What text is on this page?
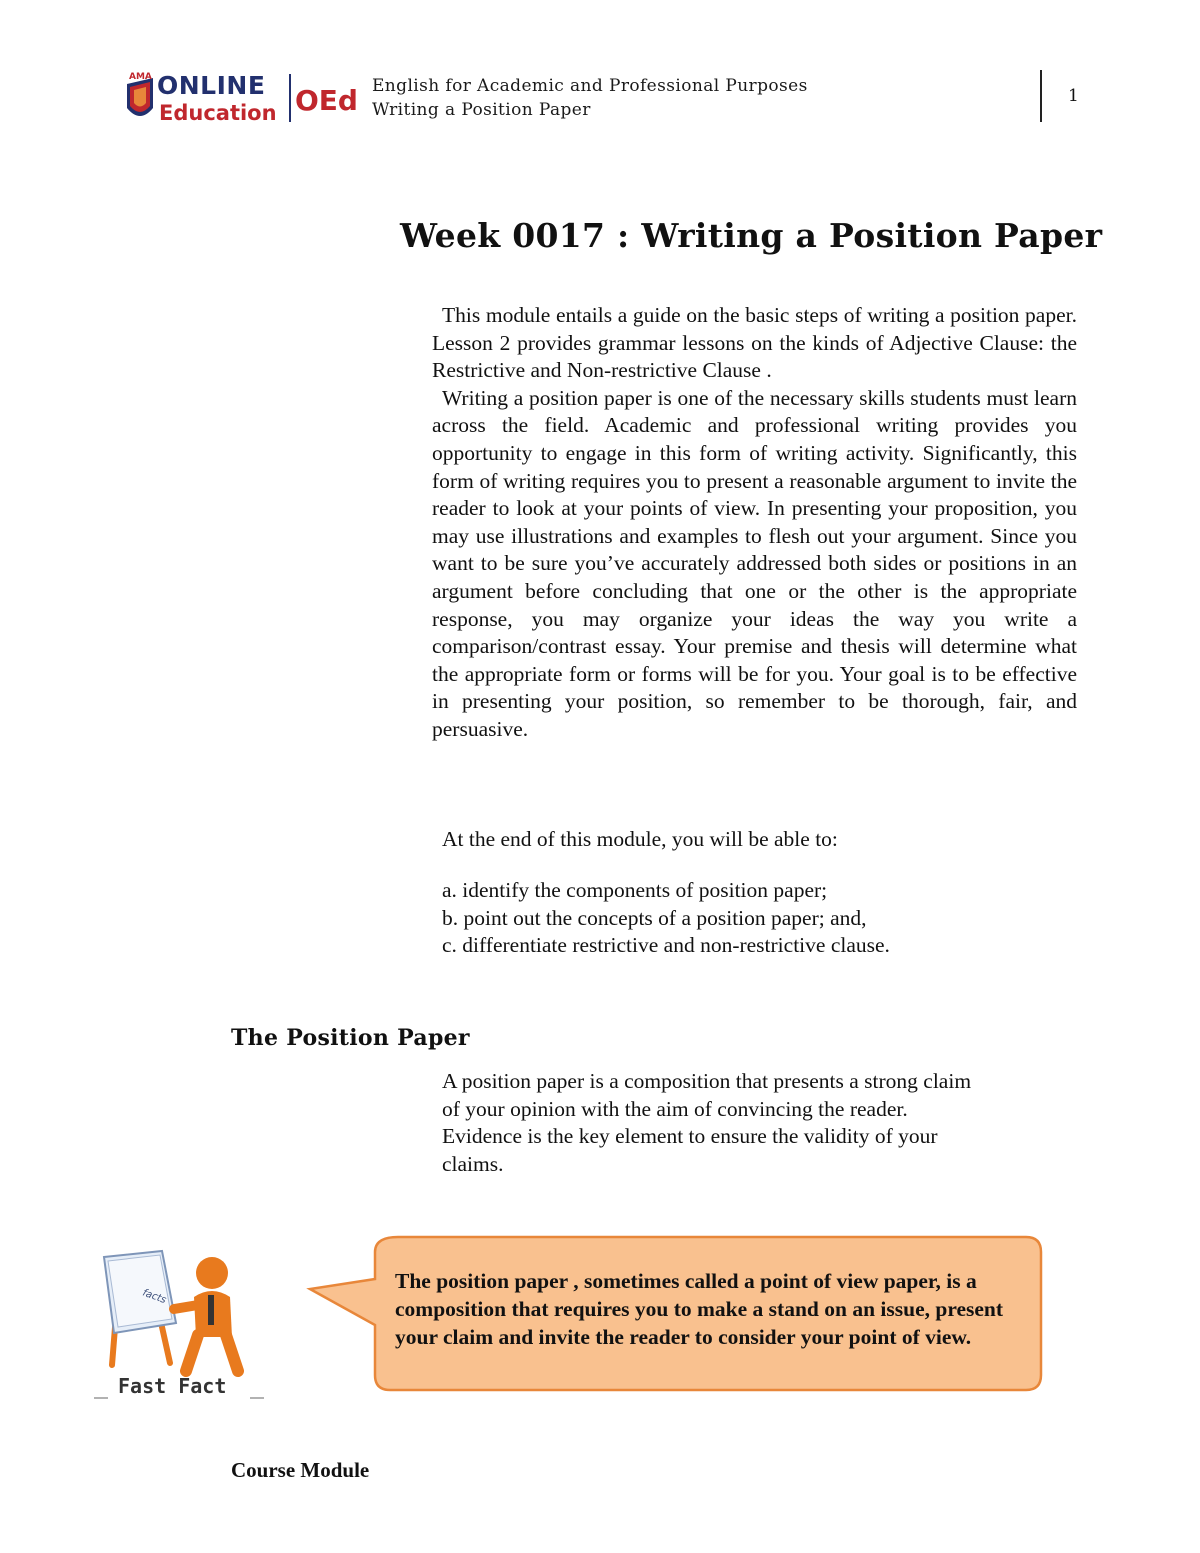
AMA ONLINE
Education OEd English for Academic and Professional Purposes
Writing a Position Paper
1
Week 0017 : Writing a Position Paper

This module entails a guide on the basic steps of writing a position paper. Lesson 2 provides grammar lessons on the kinds of Adjective Clause: the Restrictive and Non-restrictive Clause .

Writing a position paper is one of the necessary skills students must learn across the field. Academic and professional writing provides you opportunity to engage in this form of writing activity. Significantly, this form of writing requires you to present a reasonable argument to invite the reader to look at your points of view. In presenting your proposition, you may use illustrations and examples to flesh out your argument. Since you want to be sure you’ve accurately addressed both sides or positions in an argument before concluding that one or the other is the appropriate response, you may organize your ideas the way you write a comparison/contrast essay. Your premise and thesis will determine what the appropriate form or forms will be for you. Your goal is to be effective in presenting your position, so remember to be thorough, fair, and persuasive.

At the end of this module, you will be able to:
a. identify the components of position paper;
b. point out the concepts of a position paper; and,
c. differentiate restrictive and non-restrictive clause.
The Position Paper

A position paper is a composition that presents a strong claim

of your opinion with the aim of convincing the reader.

Evidence is the key element to ensure the validity of your

claims.

facts
Fast Fact
The position paper , sometimes called a point of view paper, is a composition that requires you to make a stand on an issue, present your claim and invite the reader to consider your point of view.
Course Module
